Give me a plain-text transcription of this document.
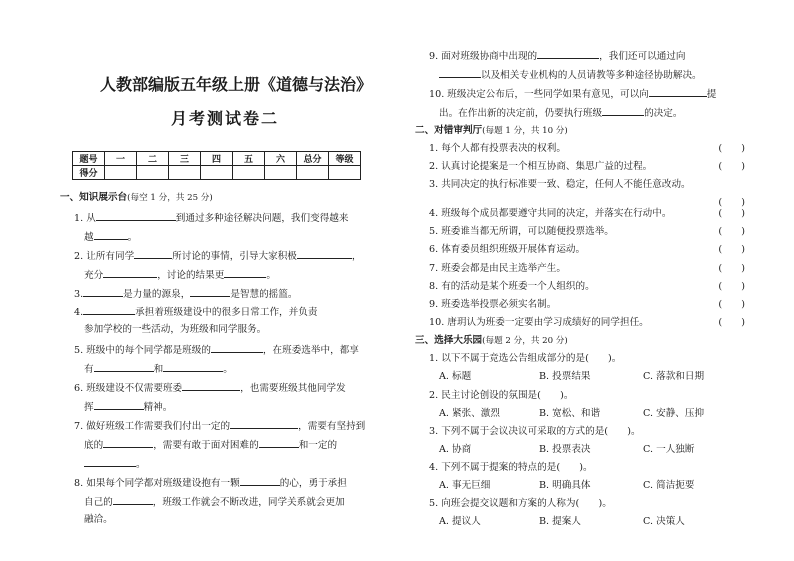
人教部编版五年级上册《道德与法治》
月考测试卷二
题号	一	二	三	四	五	六	总分	等级
得分								
一、知识展示台(每空 1 分，共 25 分)
1. 从	到通过多种途径解决问题，我们变得越来
越	。
2. 让所有同学	所讨论的事情，引导大家积极	，
充分	，讨论的结果更	。
3.	是力量的源泉，	是智慧的摇篮。
4.	承担着班级建设中的很多日常工作，并负责
参加学校的一些活动，为班级和同学服务。
5. 班级中的每个同学都是班级的	，在班委选举中，都享
有	和	。
6. 班级建设不仅需要班委	，也需要班级其他同学发
挥	精神。
7. 做好班级工作需要我们付出一定的	，需要有坚持到
底的	，需要有敢于面对困难的	和一定的
。
8. 如果每个同学都对班级建设抱有一颗	的心，勇于承担
自己的	，班级工作就会不断改进，同学关系就会更加
融洽。
9. 面对班级协商中出现的	，我们还可以通过向
以及相关专业机构的人员请教等多种途径协助解决。
10. 班级决定公布后，一些同学如果有意见，可以向	提
出。在作出新的决定前，仍要执行班级	的决定。
二、对错审判厅(每题 1 分，共 10 分)
1. 每个人都有投票表决的权利。	(　　)
2. 认真讨论提案是一个相互协商、集思广益的过程。	(　　)
3. 共同决定的执行标准要一致、稳定，任何人不能任意改动。
(　　)
4. 班级每个成员都要遵守共同的决定，并落实在行动中。	(　　)
5. 班委谁当都无所谓，可以随便投票选举。	(　　)
6. 体育委员组织班级开展体育运动。	(　　)
7. 班委会都是由民主选举产生。	(　　)
8. 有的活动是某个班委一个人组织的。	(　　)
9. 班委选举投票必须实名制。	(　　)
10. 唐玥认为班委一定要由学习成绩好的同学担任。	(　　)
三、选择大乐园(每题 2 分，共 20 分)
1. 以下不属于竞选公告组成部分的是(　　)。
A. 标题	B. 投票结果	C. 落款和日期
2. 民主讨论创设的氛围是(　　)。
A. 紧张、激烈	B. 宽松、和谐	C. 安静、压抑
3. 下列不属于会议决议可采取的方式的是(　　)。
A. 协商	B. 投票表决	C. 一人独断
4. 下列不属于提案的特点的是(　　)。
A. 事无巨细	B. 明确具体	C. 简洁扼要
5. 向班会提交议题和方案的人称为(　　)。
A. 提议人	B. 提案人	C. 决策人
